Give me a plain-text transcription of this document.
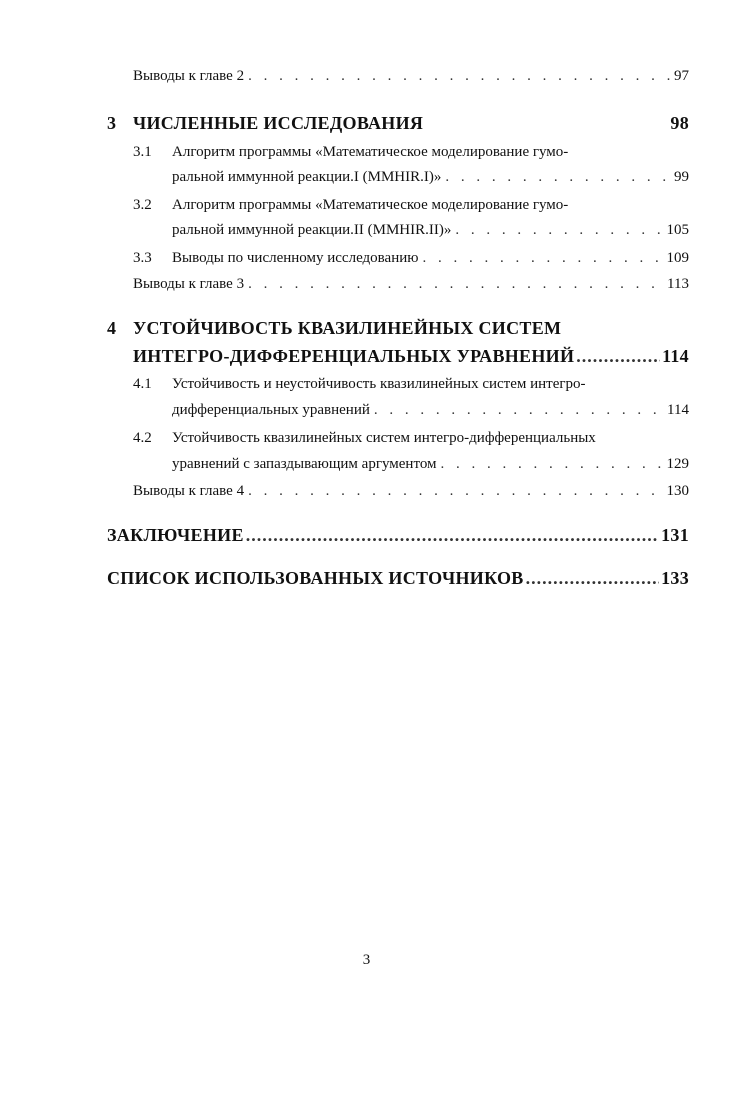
Выводы к главе 2 . . .	97
3 ЧИСЛЕННЫЕ ИССЛЕДОВАНИЯ	98
3.1 Алгоритм программы «Математическое моделирование гумо-
ральной иммунной реакции.I (MMHIR.I)» . . .	99
3.2 Алгоритм программы «Математическое моделирование гумо-
ральной иммунной реакции.II (MMHIR.II)» . . .	105
3.3 Выводы по численному исследованию . . .	109
Выводы к главе 3 . . .	113
4 УСТОЙЧИВОСТЬ КВАЗИЛИНЕЙНЫХ СИСТЕМ
ИНТЕГРО-ДИФФЕРЕНЦИАЛЬНЫХ УРАВНЕНИЙ .....	114
4.1 Устойчивость и неустойчивость квазилинейных систем интегро-
дифференциальных уравнений . . .	114
4.2 Устойчивость квазилинейных систем интегро-дифференциальных
уравнений с запаздывающим аргументом . . .	129
Выводы к главе 4 . . .	130
ЗАКЛЮЧЕНИЕ .....	131
СПИСОК ИСПОЛЬЗОВАННЫХ ИСТОЧНИКОВ .....	133
3
